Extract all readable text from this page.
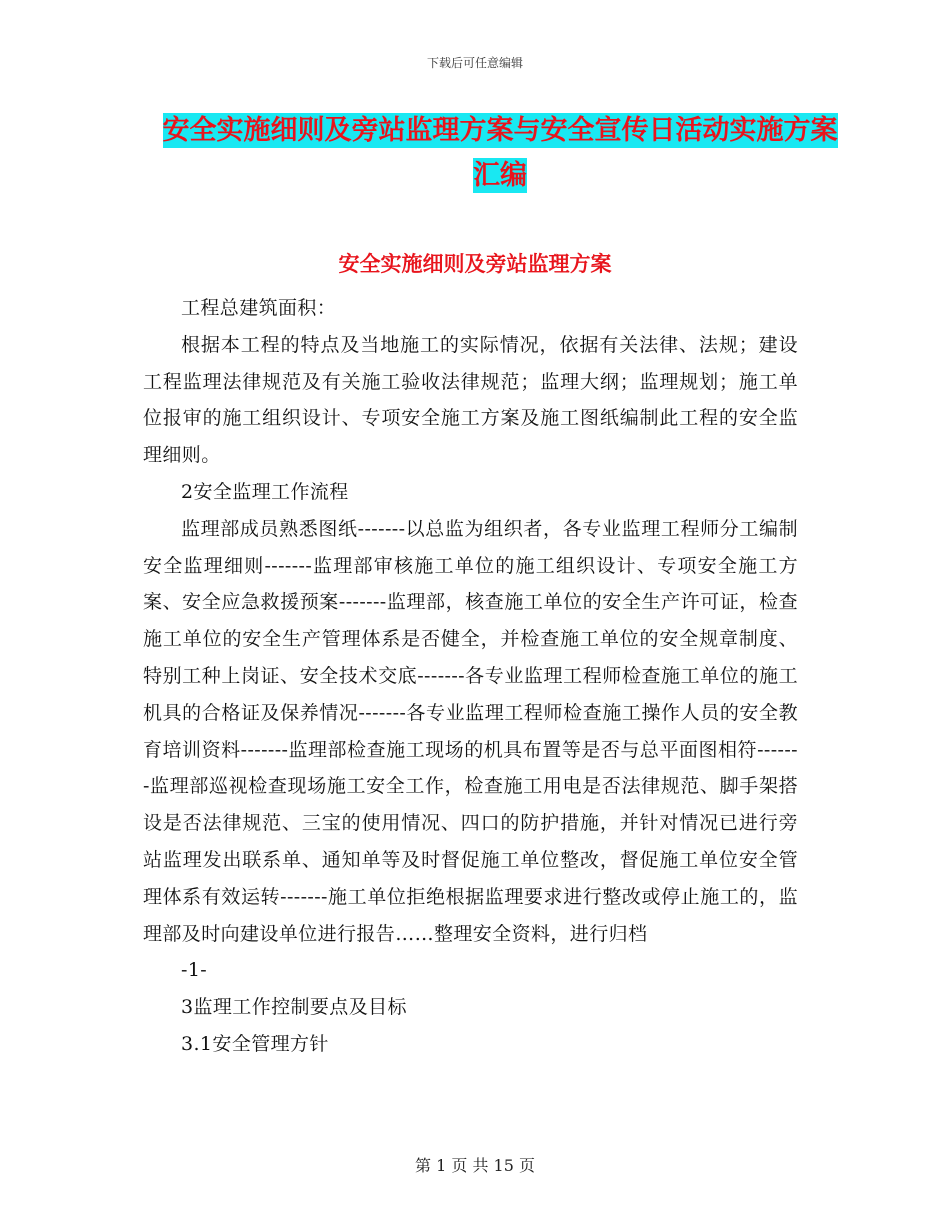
下载后可任意编辑
安全实施细则及旁站监理方案与安全宣传日活动实施方案汇编
安全实施细则及旁站监理方案

工程总建筑面积：

根据本工程的特点及当地施工的实际情况，依据有关法律、法规；建设工程监理法律规范及有关施工验收法律规范；监理大纲；监理规划；施工单位报审的施工组织设计、专项安全施工方案及施工图纸编制此工程的安全监理细则。

2安全监理工作流程

监理部成员熟悉图纸-------以总监为组织者，各专业监理工程师分工编制安全监理细则-------监理部审核施工单位的施工组织设计、专项安全施工方案、安全应急救援预案-------监理部，核查施工单位的安全生产许可证，检查施工单位的安全生产管理体系是否健全，并检查施工单位的安全规章制度、特别工种上岗证、安全技术交底-------各专业监理工程师检查施工单位的施工机具的合格证及保养情况-------各专业监理工程师检查施工操作人员的安全教育培训资料-------监理部检查施工现场的机具布置等是否与总平面图相符-------监理部巡视检查现场施工安全工作，检查施工用电是否法律规范、脚手架搭设是否法律规范、三宝的使用情况、四口的防护措施，并针对情况已进行旁站监理发出联系单、通知单等及时督促施工单位整改，督促施工单位安全管理体系有效运转-------施工单位拒绝根据监理要求进行整改或停止施工的，监理部及时向建设单位进行报告……整理安全资料，进行归档

-1-

3监理工作控制要点及目标

3.1安全管理方针

第 1 页 共 15 页
